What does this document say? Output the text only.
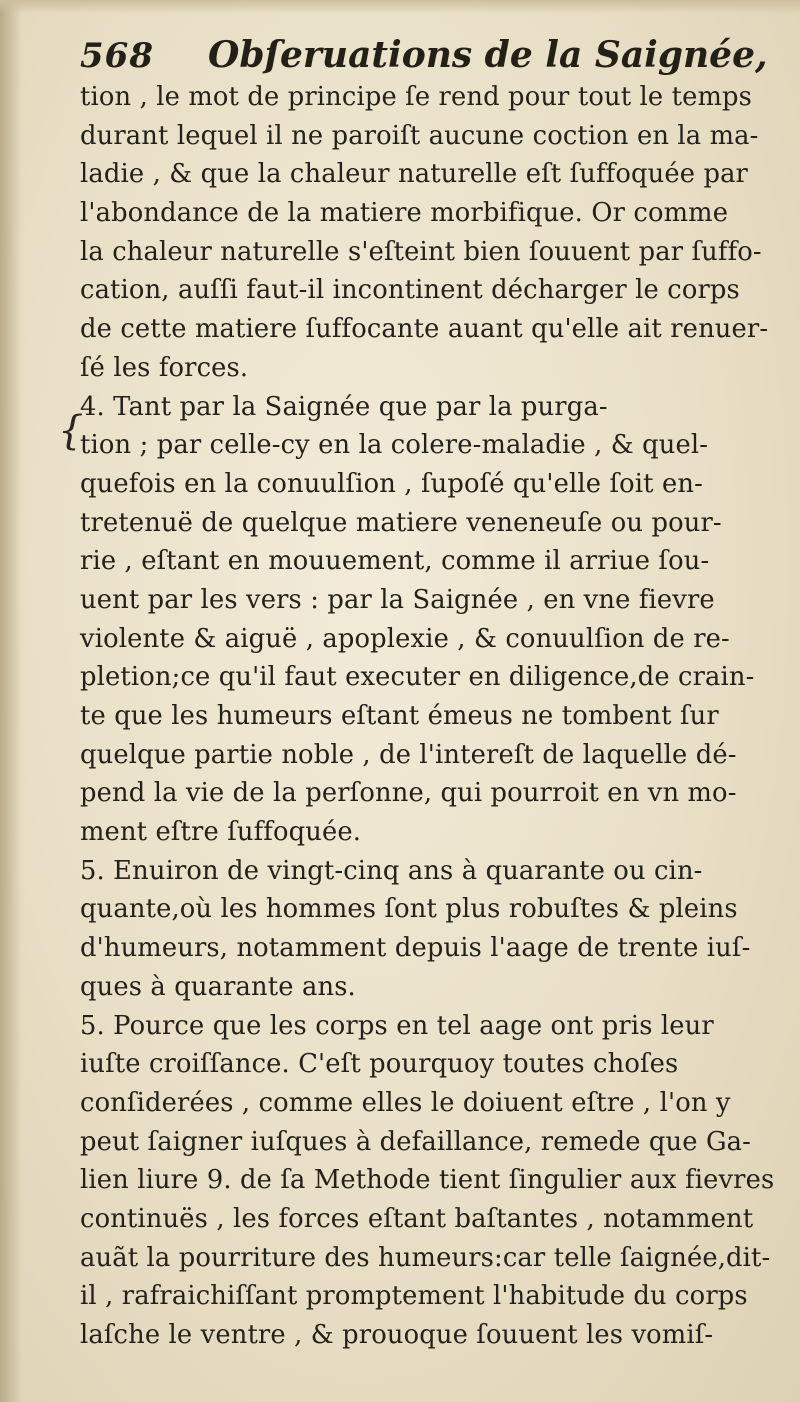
568 Obſeruations de la Saignée,
{
tion , le mot de principe ſe rend pour tout le temps
durant lequel il ne paroiſt aucune coction en la ma-
ladie , & que la chaleur naturelle eſt ſuffoquée par
l'abondance de la matiere morbifique. Or comme
la chaleur naturelle s'eſteint bien ſouuent par ſuffo-
cation, auſſi faut-il incontinent décharger le corps
de cette matiere ſuffocante auant qu'elle ait renuer-
ſé les forces.
4. Tant par la Saignée que par la purga-
tion ; par celle-cy en la colere-maladie , & quel-
quefois en la conuulſion , ſupoſé qu'elle ſoit en-
tretenuë de quelque matiere veneneuſe ou pour-
rie , eſtant en mouuement, comme il arriue ſou-
uent par les vers : par la Saignée , en vne fievre
violente & aiguë , apoplexie , & conuulſion de re-
pletion;ce qu'il faut executer en diligence,de crain-
te que les humeurs eſtant émeus ne tombent ſur
quelque partie noble , de l'intereſt de laquelle dé-
pend la vie de la perſonne, qui pourroit en vn mo-
ment eſtre ſuffoquée.
5. Enuiron de vingt-cinq ans à quarante ou cin-
quante,où les hommes ſont plus robuſtes & pleins
d'humeurs, notamment depuis l'aage de trente iuſ-
ques à quarante ans.
5. Pource que les corps en tel aage ont pris leur
iuſte croiſſance. C'eſt pourquoy toutes choſes
conſiderées , comme elles le doiuent eſtre , l'on y
peut ſaigner iuſques à defaillance, remede que Ga-
lien liure 9. de ſa Methode tient ſingulier aux fievres
continuës , les forces eſtant baſtantes , notamment
auãt la pourriture des humeurs:car telle ſaignée,dit-
il , rafraichiſſant promptement l'habitude du corps
laſche le ventre , & prouoque ſouuent les vomiſ-
